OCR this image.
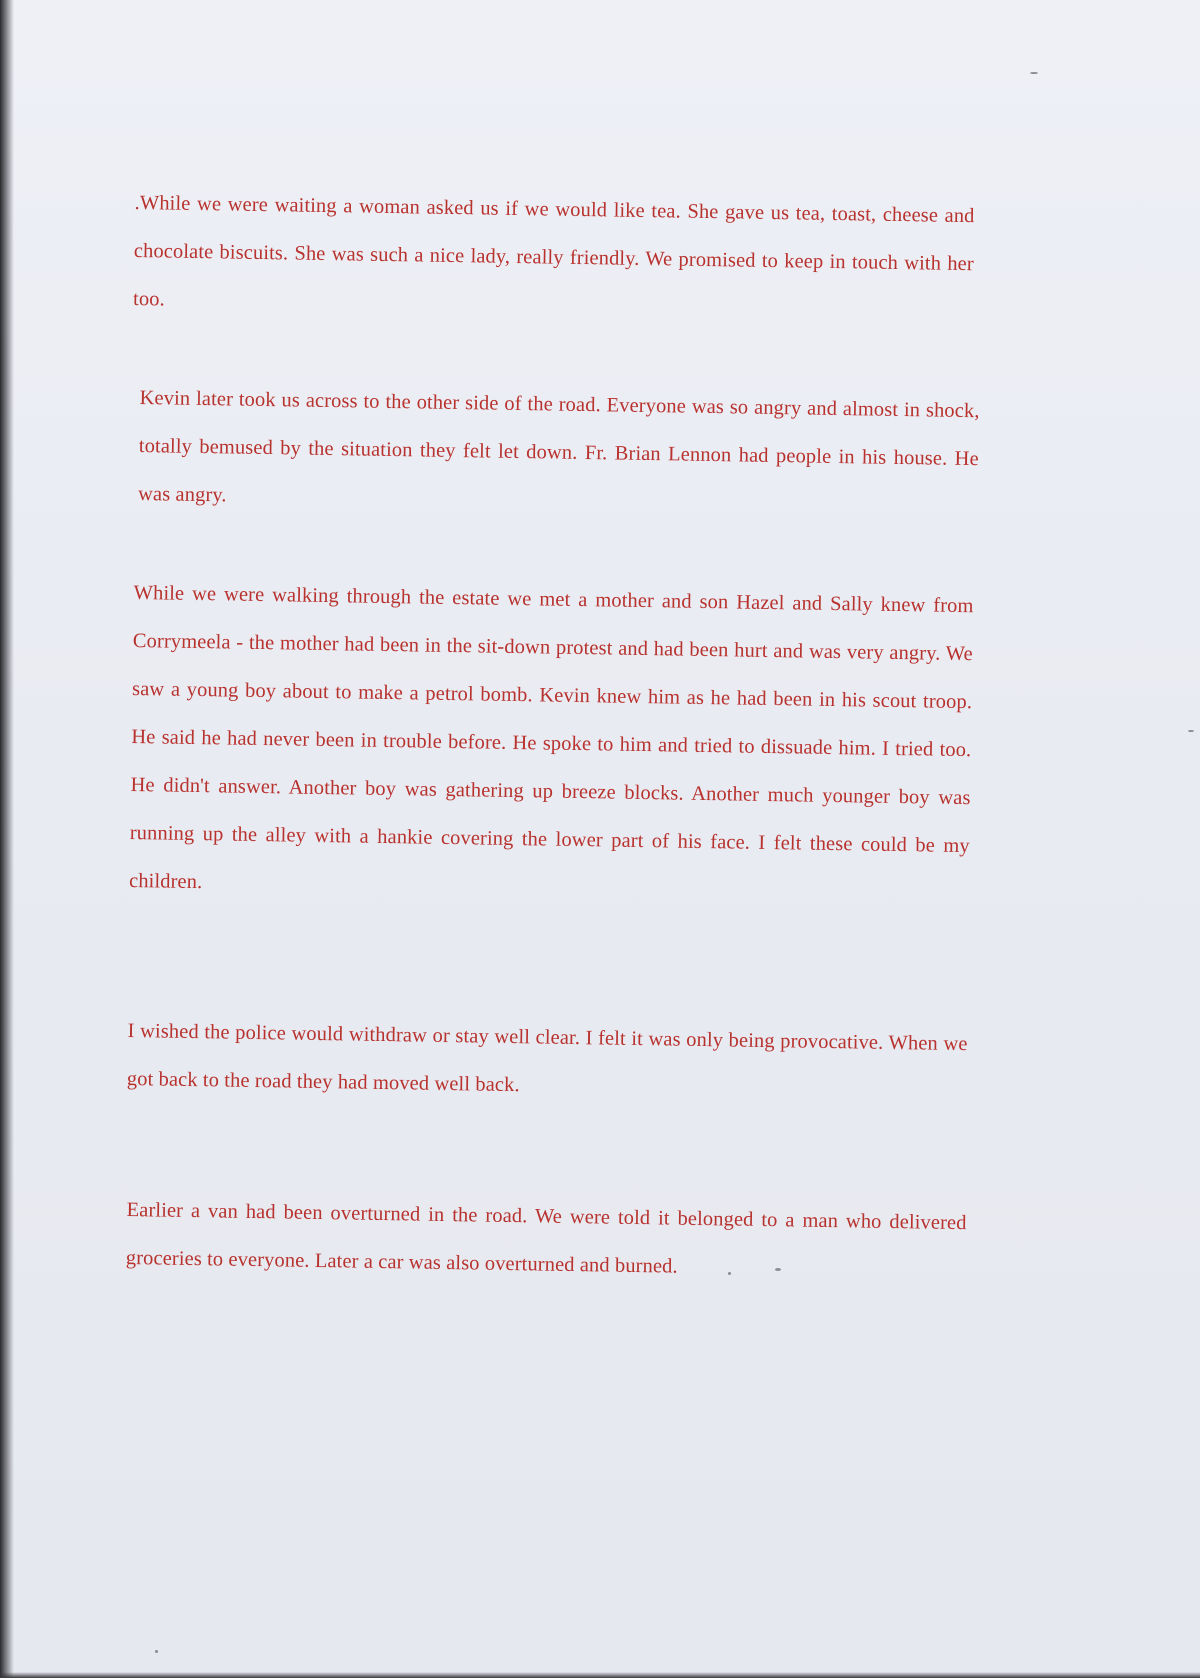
.While we were waiting a woman asked us if we would like tea. She gave us tea, toast, cheese and chocolate biscuits. She was such a nice lady, really friendly. We promised to keep in touch with her too.

Kevin later took us across to the other side of the road. Everyone was so angry and almost in shock, totally bemused by the situation they felt let down. Fr. Brian Lennon had people in his house. He was angry.

While we were walking through the estate we met a mother and son Hazel and Sally knew from Corrymeela - the mother had been in the sit-down protest and had been hurt and was very angry. We saw a young boy about to make a petrol bomb. Kevin knew him as he had been in his scout troop. He said he had never been in trouble before. He spoke to him and tried to dissuade him. I tried too. He didn't answer. Another boy was gathering up breeze blocks. Another much younger boy was running up the alley with a hankie covering the lower part of his face. I felt these could be my children.

I wished the police would withdraw or stay well clear. I felt it was only being provocative. When we got back to the road they had moved well back.

Earlier a van had been overturned in the road. We were told it belonged to a man who delivered groceries to everyone. Later a car was also overturned and burned.
